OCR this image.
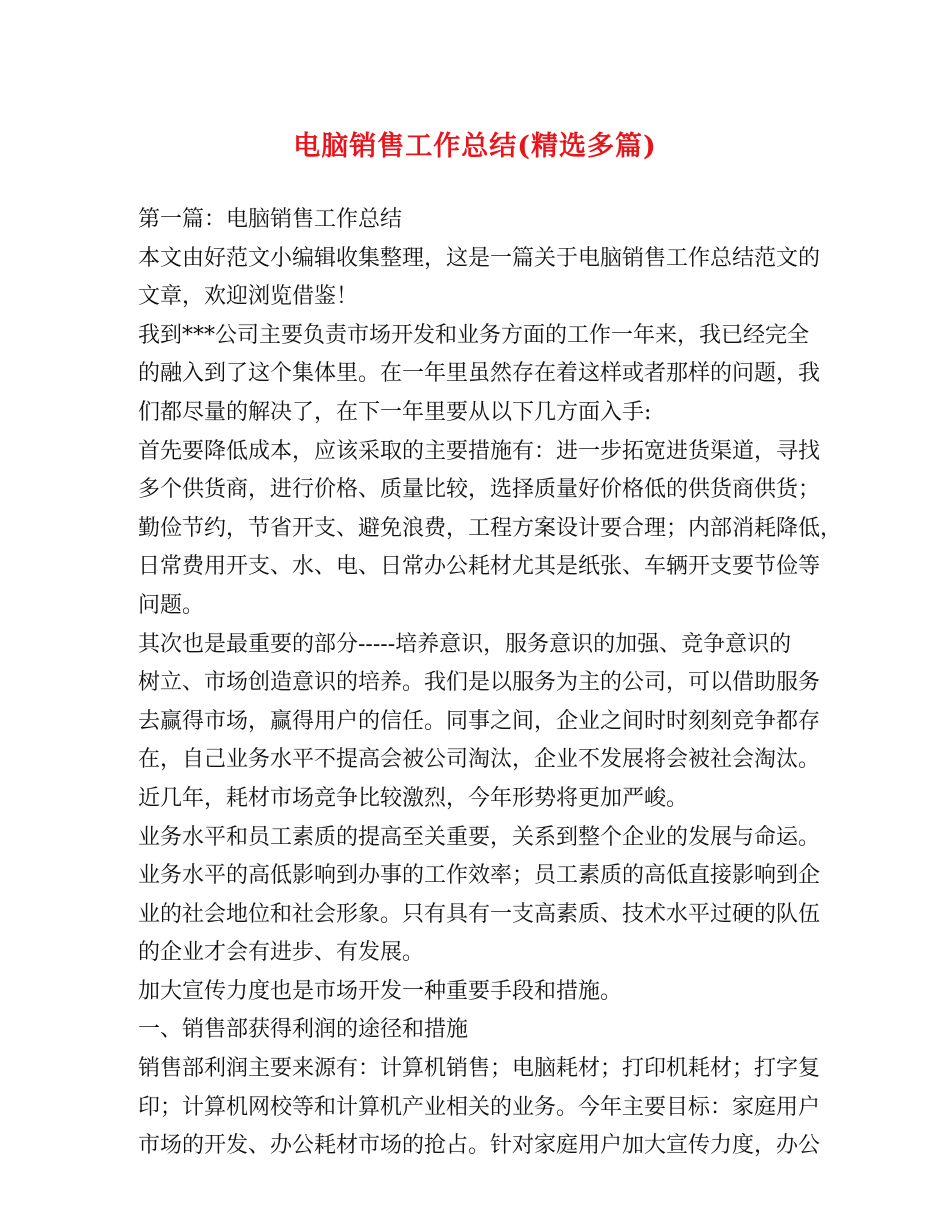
电脑销售工作总结(精选多篇)
第一篇：电脑销售工作总结
本文由好范文小编辑收集整理，这是一篇关于电脑销售工作总结范文的
文章，欢迎浏览借鉴！
我到***公司主要负责市场开发和业务方面的工作一年来，我已经完全
的融入到了这个集体里。在一年里虽然存在着这样或者那样的问题，我
们都尽量的解决了，在下一年里要从以下几方面入手:
首先要降低成本，应该采取的主要措施有：进一步拓宽进货渠道，寻找
多个供货商，进行价格、质量比较，选择质量好价格低的供货商供货；
勤俭节约，节省开支、避免浪费，工程方案设计要合理；内部消耗降低，
日常费用开支、水、电、日常办公耗材尤其是纸张、车辆开支要节俭等
问题。
其次也是最重要的部分-----培养意识，服务意识的加强、竞争意识的
树立、市场创造意识的培养。我们是以服务为主的公司，可以借助服务
去赢得市场，赢得用户的信任。同事之间，企业之间时时刻刻竞争都存
在，自己业务水平不提高会被公司淘汰，企业不发展将会被社会淘汰。
近几年，耗材市场竞争比较激烈，今年形势将更加严峻。
业务水平和员工素质的提高至关重要，关系到整个企业的发展与命运。
业务水平的高低影响到办事的工作效率；员工素质的高低直接影响到企
业的社会地位和社会形象。只有具有一支高素质、技术水平过硬的队伍
的企业才会有进步、有发展。
加大宣传力度也是市场开发一种重要手段和措施。
一、销售部获得利润的途径和措施
销售部利润主要来源有：计算机销售；电脑耗材；打印机耗材；打字复
印；计算机网校等和计算机产业相关的业务。今年主要目标：家庭用户
市场的开发、办公耗材市场的抢占。针对家庭用户加大宣传力度，办公
